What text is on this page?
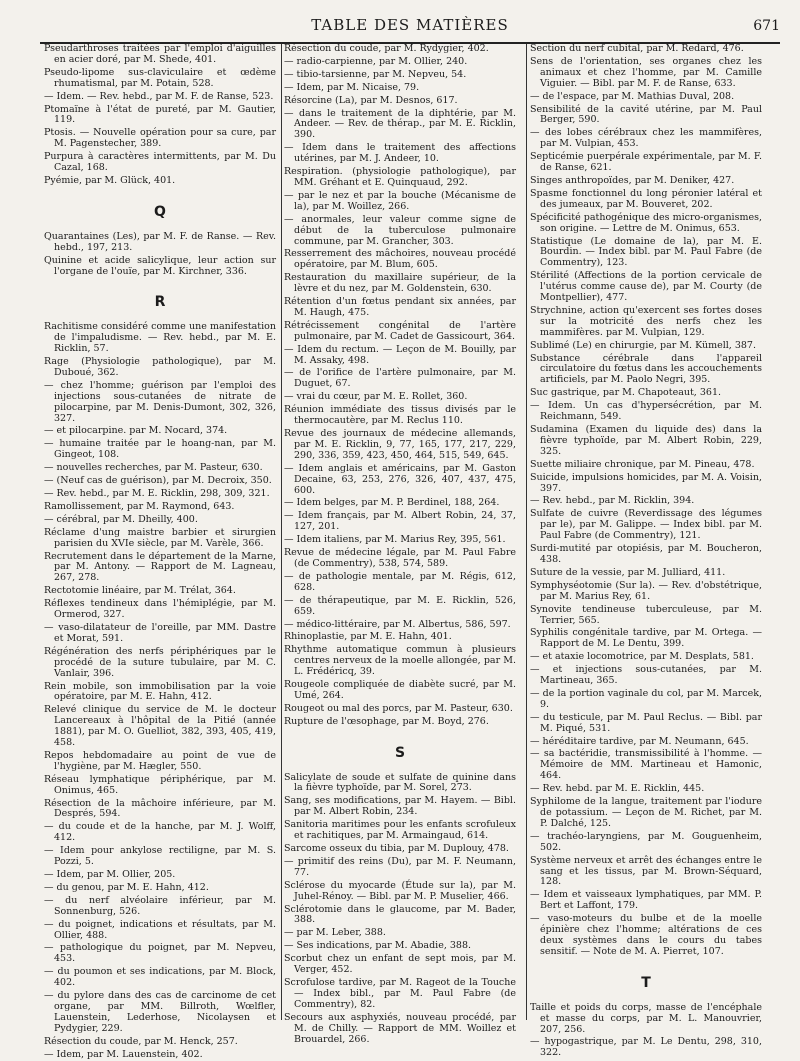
TABLE DES MATIÈRES	671
Pseudarthroses traitées par l'emploi d'aiguilles en acier doré, par M. Shede, 401.
Pseudo-lipome sus-claviculaire et œdème rhumatismal, par M. Potain, 528.
— Idem. — Rev. hebd., par M. F. de Ranse, 523.
Ptomaïne à l'état de pureté, par M. Gautier, 119.
Ptosis. — Nouvelle opération pour sa cure, par M. Pagenstecher, 389.
Purpura à caractères intermittents, par M. Du Cazal, 168.
Pyémie, par M. Glück, 401.
Q
Quarantaines (Les), par M. F. de Ranse. — Rev. hebd., 197, 213.
Quinine et acide salicylique, leur action sur l'organe de l'ouïe, par M. Kirchner, 336.
R
Rachitisme considéré comme une manifestation de l'impaludisme. — Rev. hebd., par M. E. Ricklin, 57.
Rage (Physiologie pathologique), par M. Duboué, 362.
— chez l'homme; guérison par l'emploi des injections sous-cutanées de nitrate de pilocarpine, par M. Denis-Dumont, 302, 326, 327.
— et pilocarpine. par M. Nocard, 374.
— humaine traitée par le hoang-nan, par M. Gingeot, 108.
— nouvelles recherches, par M. Pasteur, 630.
— (Neuf cas de guérison), par M. Decroix, 350.
— Rev. hebd., par M. E. Ricklin, 298, 309, 321.
Ramollissement, par M. Raymond, 643.
— cérébral, par M. Dheilly, 400.
Réclame d'ung maistre barbier et sirurgien parisien du XVIe siècle, par M. Varèle, 366.
Recrutement dans le département de la Marne, par M. Antony. — Rapport de M. Lagneau, 267, 278.
Rectotomie linéaire, par M. Trélat, 364.
Réflexes tendineux dans l'hémiplégie, par M. Ormerod, 327.
— vaso-dilatateur de l'oreille, par MM. Dastre et Morat, 591.
Régénération des nerfs périphériques par le procédé de la suture tubulaire, par M. C. Vanlair, 396.
Rein mobile, son immobilisation par la voie opératoire, par M. E. Hahn, 412.
Relevé clinique du service de M. le docteur Lancereaux à l'hôpital de la Pitié (année 1881), par M. O. Guelliot, 382, 393, 405, 419, 458.
Repos hebdomadaire au point de vue de l'hygiène, par M. Hægler, 550.
Réseau lymphatique périphérique, par M. Onimus, 465.
Résection de la mâchoire inférieure, par M. Després, 594.
— du coude et de la hanche, par M. J. Wolff, 412.
— Idem pour ankylose rectiligne, par M. S. Pozzi, 5.
— Idem, par M. Ollier, 205.
— du genou, par M. E. Hahn, 412.
— du nerf alvéolaire inférieur, par M. Sonnenburg, 526.
— du poignet, indications et résultats, par M. Ollier, 488.
— pathologique du poignet, par M. Nepveu, 453.
— du poumon et ses indications, par M. Block, 402.
— du pylore dans des cas de carcinome de cet organe, par MM. Billroth, Wœlfler, Lauenstein, Lederhose, Nicolaysen et Pydygier, 229.
Résection du coude, par M. Henck, 257.
— Idem, par M. Lauenstein, 402.
Résection du coude, par M. Rydygier, 402.
— radio-carpienne, par M. Ollier, 240.
— tibio-tarsienne, par M. Nepveu, 54.
— Idem, par M. Nicaise, 79.
Résorcine (La), par M. Desnos, 617.
— dans le traitement de la diphtérie, par M. Andeer. — Rev. de thérap., par M. E. Ricklin, 390.
— Idem dans le traitement des affections utérines, par M. J. Andeer, 10.
Respiration. (physiologie pathologique), par MM. Gréhant et E. Quinquaud, 292.
— par le nez et par la bouche (Mécanisme de la), par M. Woillez, 266.
— anormales, leur valeur comme signe de début de la tuberculose pulmonaire commune, par M. Grancher, 303.
Resserrement des mâchoires, nouveau procédé opératoire, par M. Blum, 605.
Restauration du maxillaire supérieur, de la lèvre et du nez, par M. Goldenstein, 630.
Rétention d'un fœtus pendant six années, par M. Haugh, 475.
Rétrécissement congénital de l'artère pulmonaire, par M. Cadet de Gassicourt, 364.
— Idem du rectum. — Leçon de M. Bouilly, par M. Assaky, 498.
— de l'orifice de l'artère pulmonaire, par M. Duguet, 67.
— vrai du cœur, par M. E. Rollet, 360.
Réunion immédiate des tissus divisés par le thermocautère, par M. Reclus 110.
Revue des journaux de médecine allemands, par M. E. Ricklin, 9, 77, 165, 177, 217, 229, 290, 336, 359, 423, 450, 464, 515, 549, 645.
— Idem anglais et américains, par M. Gaston Decaine, 63, 253, 276, 326, 407, 437, 475, 600.
— Idem belges, par M. P. Berdinel, 188, 264.
— Idem français, par M. Albert Robin, 24, 37, 127, 201.
— Idem italiens, par M. Marius Rey, 395, 561.
Revue de médecine légale, par M. Paul Fabre (de Commentry), 538, 574, 589.
— de pathologie mentale, par M. Régis, 612, 628.
— de thérapeutique, par M. E. Ricklin, 526, 659.
— médico-littéraire, par M. Albertus, 586, 597.
Rhinoplastie, par M. E. Hahn, 401.
Rhythme automatique commun à plusieurs centres nerveux de la moelle allongée, par M. L. Frédéricq, 39.
Rougeole compliquée de diabète sucré, par M. Umé, 264.
Rougeot ou mal des porcs, par M. Pasteur, 630.
Rupture de l'œsophage, par M. Boyd, 276.
S
Salicylate de soude et sulfate de quinine dans la fièvre typhoïde, par M. Sorel, 273.
Sang, ses modifications, par M. Hayem. — Bibl. par M. Albert Robin, 234.
Sanitoria maritimes pour les enfants scrofuleux et rachitiques, par M. Armaingaud, 614.
Sarcome osseux du tibia, par M. Duplouy, 478.
— primitif des reins (Du), par M. F. Neumann, 77.
Sclérose du myocarde (Étude sur la), par M. Juhel-Rénoy. — Bibl. par M. P. Muselier, 466.
Sclérotomie dans le glaucome, par M. Bader, 388.
— par M. Leber, 388.
— Ses indications, par M. Abadie, 388.
Scorbut chez un enfant de sept mois, par M. Verger, 452.
Scrofulose tardive, par M. Rageot de la Touche — Index bibl., par M. Paul Fabre (de Commentry), 82.
Secours aux asphyxiés, nouveau procédé, par M. de Chilly. — Rapport de MM. Woillez et Brouardel, 266.
Section du nerf cubital, par M. Redard, 476.
Sens de l'orientation, ses organes chez les animaux et chez l'homme, par M. Camille Viguier. — Bibl. par M. F. de Ranse, 633.
— de l'espace, par M. Mathias Duval, 208.
Sensibilité de la cavité utérine, par M. Paul Berger, 590.
— des lobes cérébraux chez les mammifères, par M. Vulpian, 453.
Septicémie puerpérale expérimentale, par M. F. de Ranse, 621.
Singes anthropoïdes, par M. Deniker, 427.
Spasme fonctionnel du long péronier latéral et des jumeaux, par M. Bouveret, 202.
Spécificité pathogénique des micro-organismes, son origine. — Lettre de M. Onimus, 653.
Statistique (Le domaine de la), par M. E. Bourdin. — Index bibl. par M. Paul Fabre (de Commentry), 123.
Stérilité (Affections de la portion cervicale de l'utérus comme cause de), par M. Courty (de Montpellier), 477.
Strychnine, action qu'exercent ses fortes doses sur la motricité des nerfs chez les mammifères. par M. Vulpian, 129.
Sublimé (Le) en chirurgie, par M. Kümell, 387.
Substance cérébrale dans l'appareil circulatoire du fœtus dans les accouchements artificiels, par M. Paolo Negri, 395.
Suc gastrique, par M. Chapoteaut, 361.
— Idem. Un cas d'hypersécrétion, par M. Reichmann, 549.
Sudamina (Examen du liquide des) dans la fièvre typhoïde, par M. Albert Robin, 229, 325.
Suette miliaire chronique, par M. Pineau, 478.
Suicide, impulsions homicides, par M. A. Voisin, 397.
— Rev. hebd., par M. Ricklin, 394.
Sulfate de cuivre (Reverdissage des légumes par le), par M. Galippe. — Index bibl. par M. Paul Fabre (de Commentry), 121.
Surdi-mutité par otopiésis, par M. Boucheron, 438.
Suture de la vessie, par M. Julliard, 411.
Symphyséotomie (Sur la). — Rev. d'obstétrique, par M. Marius Rey, 61.
Synovite tendineuse tuberculeuse, par M. Terrier, 565.
Syphilis congénitale tardive, par M. Ortega. — Rapport de M. Le Dentu, 399.
— et ataxie locomotrice, par M. Desplats, 581.
— et injections sous-cutanées, par M. Martineau, 365.
— de la portion vaginale du col, par M. Marcek, 9.
— du testicule, par M. Paul Reclus. — Bibl. par M. Piqué, 531.
— héréditaire tardive, par M. Neumann, 645.
— sa bactéridie, transmissibilité à l'homme. — Mémoire de MM. Martineau et Hamonic, 464.
— Rev. hebd. par M. E. Ricklin, 445.
Syphilome de la langue, traitement par l'iodure de potassium. — Leçon de M. Richet, par M. P. Dalché, 125.
— trachéo-laryngiens, par M. Gouguenheim, 502.
Système nerveux et arrêt des échanges entre le sang et les tissus, par M. Brown-Séquard, 128.
— Idem et vaisseaux lymphatiques, par MM. P. Bert et Laffont, 179.
— vaso-moteurs du bulbe et de la moelle épinière chez l'homme; altérations de ces deux systèmes dans le cours du tabes sensitif. — Note de M. A. Pierret, 107.
T
Taille et poids du corps, masse de l'encéphale et masse du corps, par M. L. Manouvrier, 207, 256.
— hypogastrique, par M. Le Dentu, 298, 310, 322.
